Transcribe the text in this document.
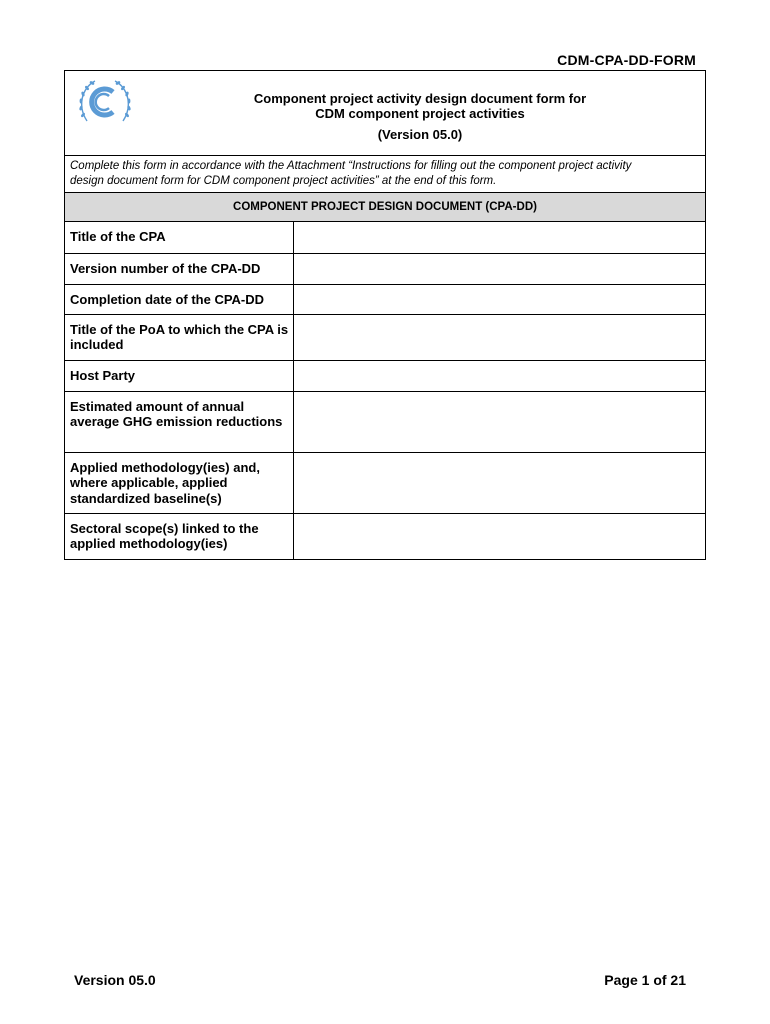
CDM-CPA-DD-FORM
Component project activity design document form for
CDM component project activities
(Version 05.0)
Complete this form in accordance with the Attachment “Instructions for filling out the component project activity
design document form for CDM component project activities” at the end of this form.
COMPONENT PROJECT DESIGN DOCUMENT (CPA-DD)
Title of the CPA	
Version number of the CPA-DD	
Completion date of the CPA-DD	
Title of the PoA to which the CPA is included	
Host Party	
Estimated amount of annual average GHG emission reductions	
Applied methodology(ies) and, where applicable, applied standardized baseline(s)	
Sectoral scope(s) linked to the applied methodology(ies)	
Version 05.0	Page 1 of 21
